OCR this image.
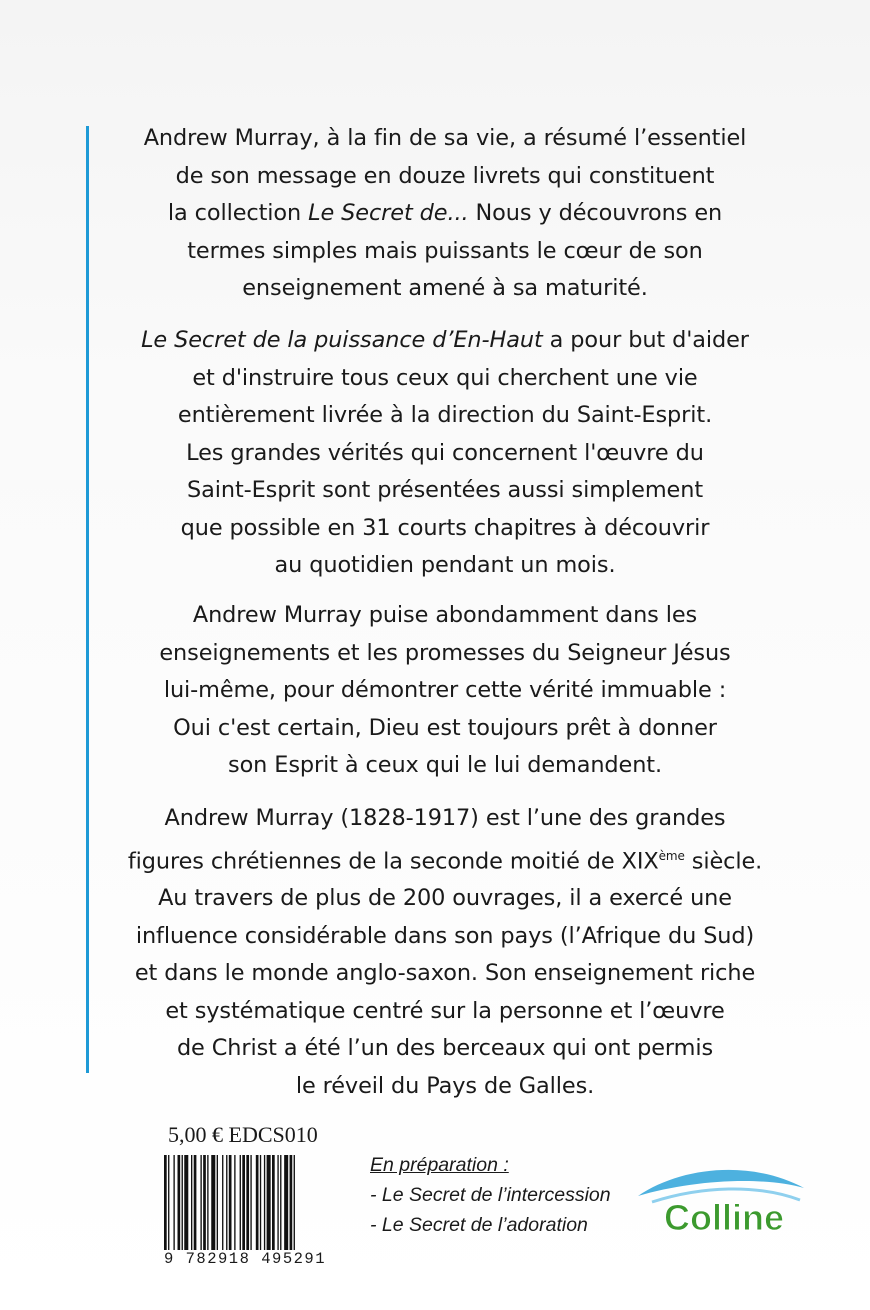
Andrew Murray, à la fin de sa vie, a résumé l’essentiel

de son message en douze livrets qui constituent

la collection Le Secret de... Nous y découvrons en

termes simples mais puissants le cœur de son

enseignement amené à sa maturité.

Le Secret de la puissance d’En-Haut a pour but d'aider

et d'instruire tous ceux qui cherchent une vie

entièrement livrée à la direction du Saint-Esprit.

Les grandes vérités qui concernent l'œuvre du

Saint-Esprit sont présentées aussi simplement

que possible en 31 courts chapitres à découvrir

au quotidien pendant un mois.

Andrew Murray puise abondamment dans les

enseignements et les promesses du Seigneur Jésus

lui-même, pour démontrer cette vérité immuable :

Oui c'est certain, Dieu est toujours prêt à donner

son Esprit à ceux qui le lui demandent.

Andrew Murray (1828-1917) est l’une des grandes

figures chrétiennes de la seconde moitié de XIXème siècle.

Au travers de plus de 200 ouvrages, il a exercé une

influence considérable dans son pays (l’Afrique du Sud)

et dans le monde anglo-saxon. Son enseignement riche

et systématique centré sur la personne et l’œuvre

de Christ a été l’un des berceaux qui ont permis

le réveil du Pays de Galles.

5,00 € EDCS010
9 782918 495291
En préparation :
- Le Secret de l’intercession
- Le Secret de l’adoration	Colline
